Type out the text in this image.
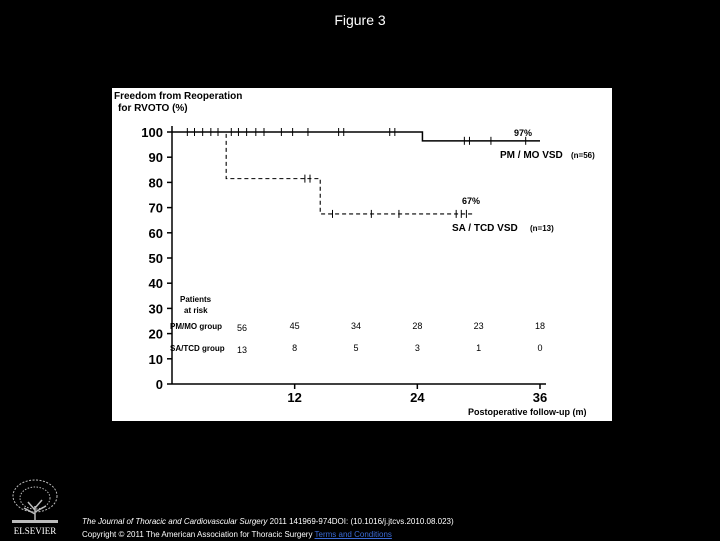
Figure 3
0
10
20
30
40
50
60
70
80
90
100
12	24	36
Freedom from Reoperation
for RVOTO (%)
Postoperative follow-up (m)
97%
PM / MO VSD (n=56)
67%
SA / TCD VSD (n=13)
Patients
at risk
PM/MO group 56	45	34	28	23	18
SA/TCD group 13	8	5	3	1	0
ELSEVIER
The Journal of Thoracic and Cardiovascular Surgery 2011 141969-974DOI: (10.1016/j.jtcvs.2010.08.023)
Copyright © 2011 The American Association for Thoracic Surgery Terms and Conditions
